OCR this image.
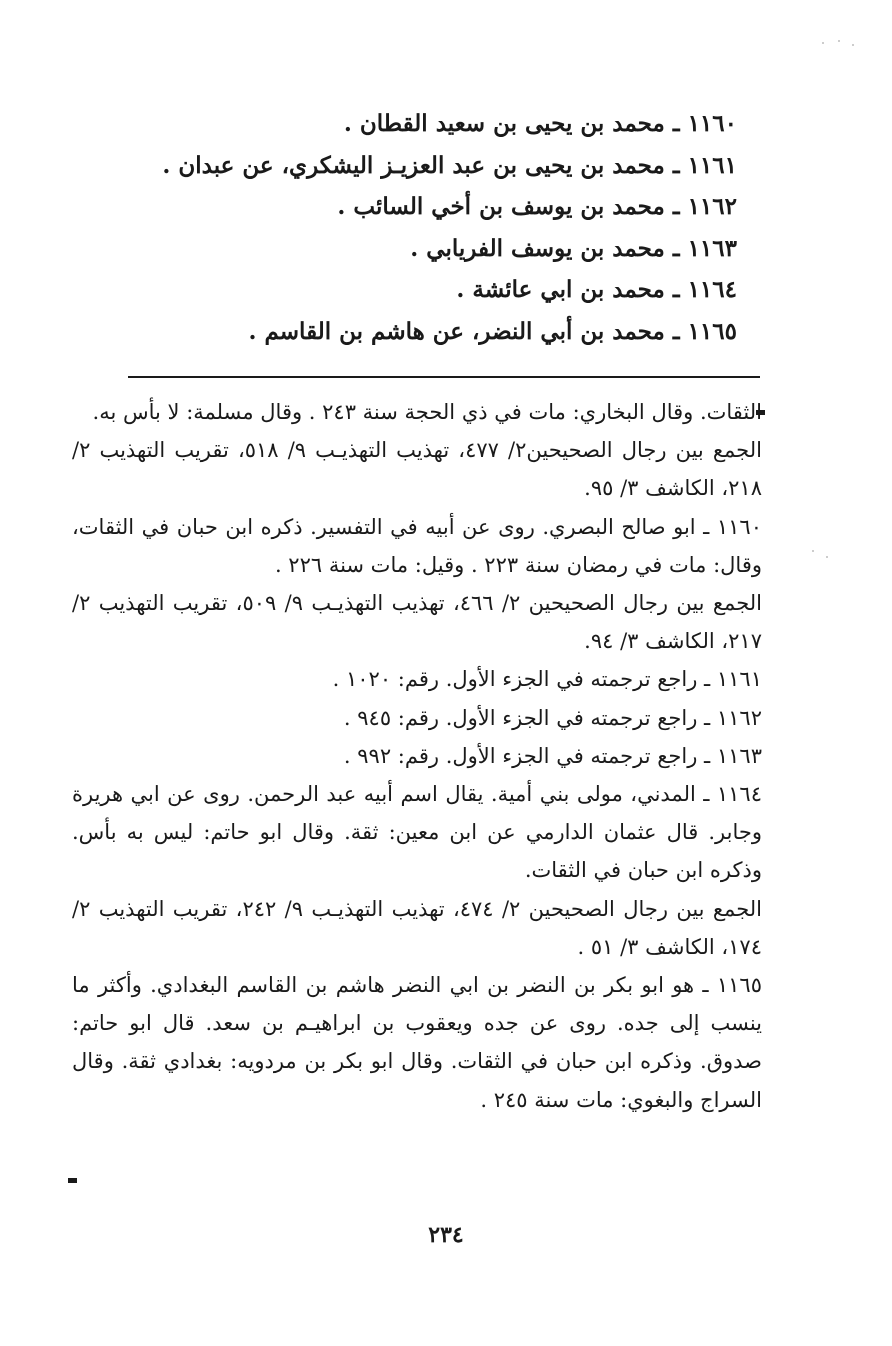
١١٦٠ ـ محمد بن يحيى بن سعيد القطان .
١١٦١ ـ محمد بن يحيى بن عبد العزيـز اليشكري، عن عبدان .
١١٦٢ ـ محمد بن يوسف بن أخي السائب .
١١٦٣ ـ محمد بن يوسف الفريابي .
١١٦٤ ـ محمد بن ابي عائشة .
١١٦٥ ـ محمد بن أبي النضر، عن هاشم بن القاسم .

الثقات. وقال البخاري: مات في ذي الحجة سنة ٢٤٣ . وقال مسلمة: لا بأس به.

الجمع بين رجال الصحيحين٢/ ٤٧٧، تهذيب التهذيـب ٩/ ٥١٨، تقريب التهذيب ٢/ ٢١٨، الكاشف ٣/ ٩٥.

١١٦٠ ـ ابو صالح البصري. روى عن أبيه في التفسير. ذكره ابن حبان في الثقات، وقال: مات في رمضان سنة ٢٢٣ . وقيل: مات سنة ٢٢٦ .

الجمع بين رجال الصحيحين ٢/ ٤٦٦، تهذيب التهذيـب ٩/ ٥٠٩، تقريب التهذيب ٢/ ٢١٧، الكاشف ٣/ ٩٤.

١١٦١ ـ راجع ترجمته في الجزء الأول. رقم: ١٠٢٠ .

١١٦٢ ـ راجع ترجمته في الجزء الأول. رقم: ٩٤٥ .

١١٦٣ ـ راجع ترجمته في الجزء الأول. رقم: ٩٩٢ .

١١٦٤ ـ المدني، مولى بني أمية. يقال اسم أبيه عبد الرحمن. روى عن ابي هريرة وجابر. قال عثمان الدارمي عن ابن معين: ثقة. وقال ابو حاتم: ليس به بأس. وذكره ابن حبان في الثقات.

الجمع بين رجال الصحيحين ٢/ ٤٧٤، تهذيب التهذيـب ٩/ ٢٤٢، تقريب التهذيب ٢/ ١٧٤، الكاشف ٣/ ٥١ .

١١٦٥ ـ هو ابو بكر بن النضر بن ابي النضر هاشم بن القاسم البغدادي. وأكثر ما ينسب إلى جده. روى عن جده ويعقوب بن ابراهيـم بن سعد. قال ابو حاتم: صدوق. وذكره ابن حبان في الثقات. وقال ابو بكر بن مردويه: بغدادي ثقة. وقال السراج والبغوي: مات سنة ٢٤٥ .

٢٣٤
